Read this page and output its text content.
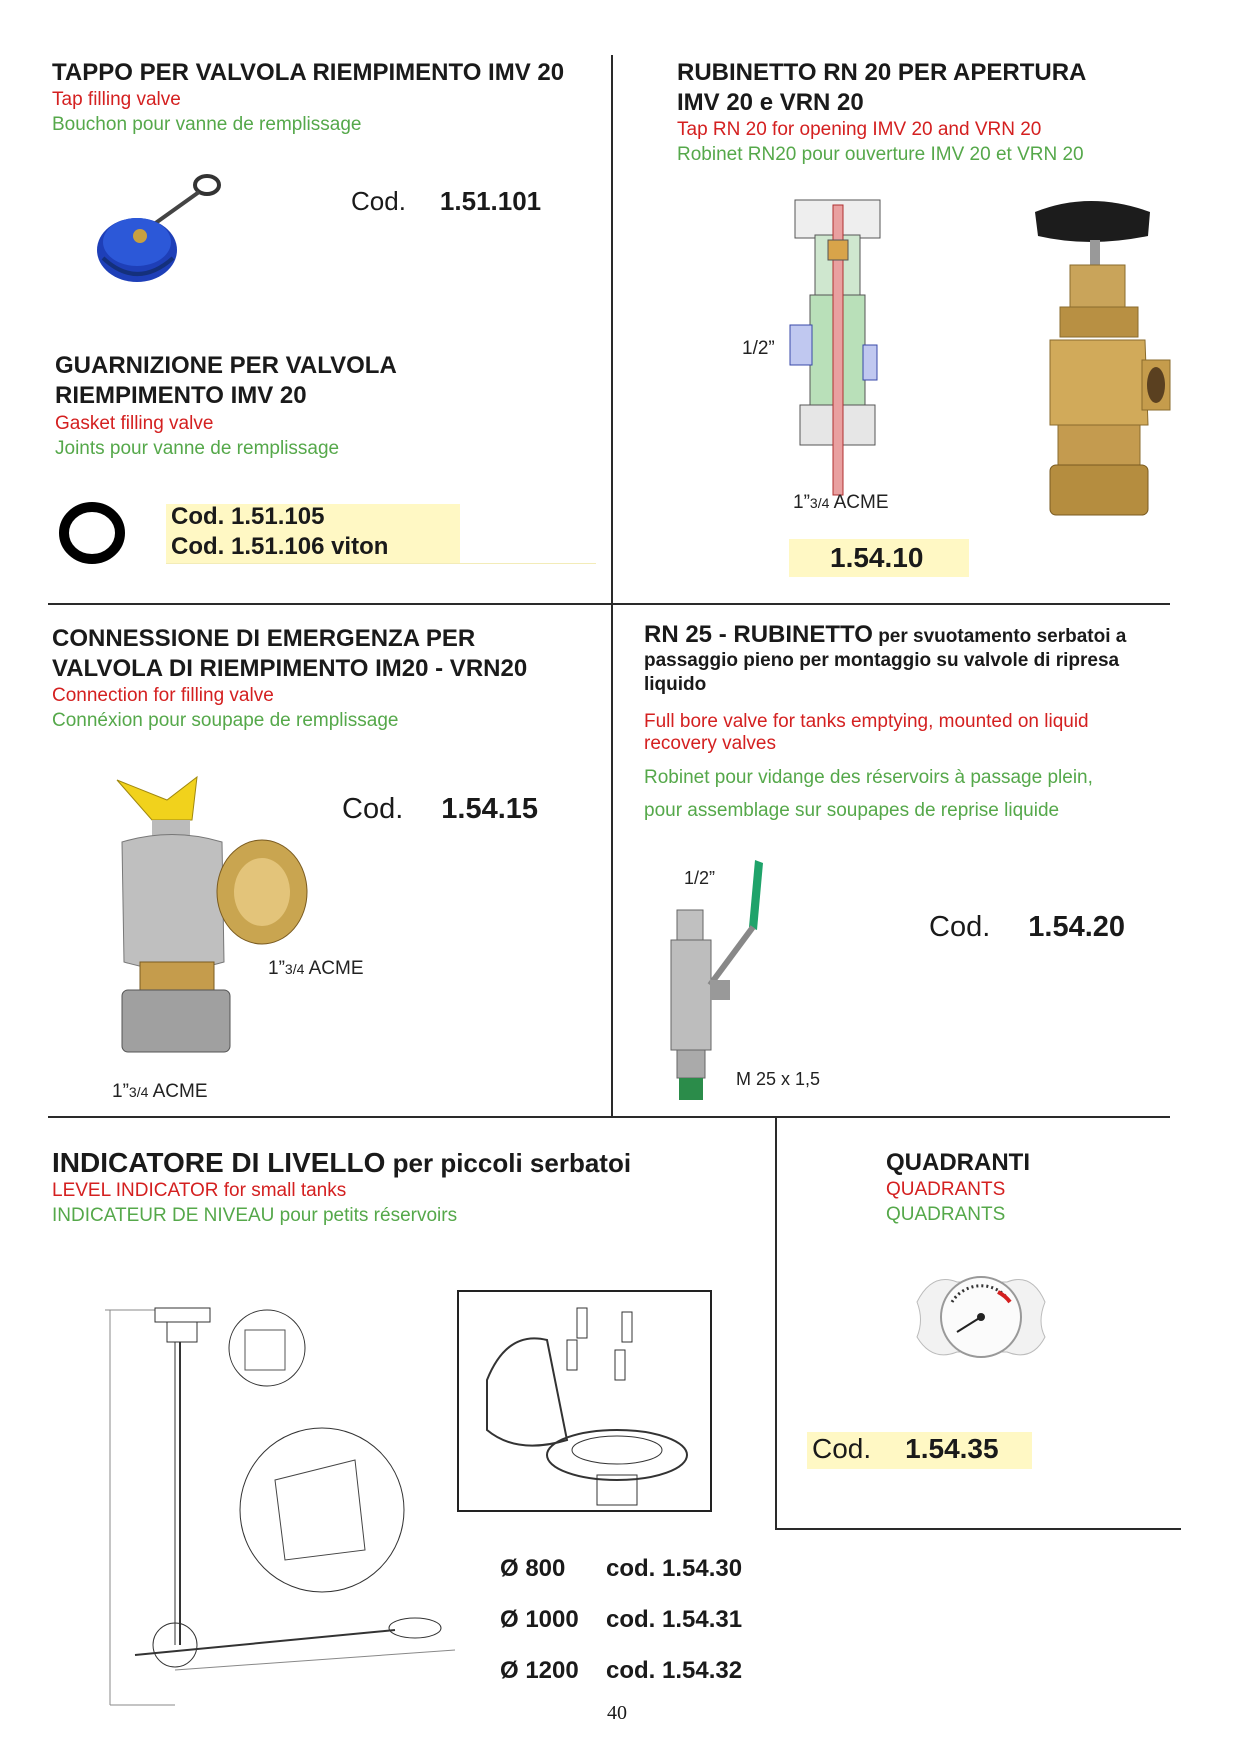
TAPPO PER VALVOLA RIEMPIMENTO IMV 20
Tap filling valve
Bouchon pour vanne de remplissage
Cod. 1.51.101
GUARNIZIONE PER VALVOLA
RIEMPIMENTO IMV 20
Gasket filling valve
Joints pour vanne de remplissage
Cod. 1.51.105
Cod. 1.51.106 viton
RUBINETTO RN 20 PER APERTURA
IMV 20 e VRN 20
Tap RN 20 for opening IMV 20 and VRN 20
Robinet RN20 pour ouverture IMV 20 et VRN 20
1/2”
1”3/4 ACME
1.54.10
CONNESSIONE DI EMERGENZA PER
VALVOLA DI RIEMPIMENTO IM20 - VRN20
Connection for filling valve
Connéxion pour soupape de remplissage
Cod. 1.54.15
1”3/4 ACME
1”3/4 ACME
RN 25 - RUBINETTO per svuotamento serbatoi a passaggio pieno per montaggio su valvole di ripresa liquido
Full bore valve for tanks emptying, mounted on liquid recovery valves
Robinet pour vidange des réservoirs à passage plein,
pour assemblage sur soupapes de reprise liquide
1/2”
M 25 x 1,5
Cod. 1.54.20
INDICATORE DI LIVELLO per piccoli serbatoi
LEVEL INDICATOR for small tanks
INDICATEUR DE NIVEAU pour petits réservoirs
Ø 800 cod. 1.54.30
Ø 1000 cod. 1.54.31
Ø 1200 cod. 1.54.32
QUADRANTI
QUADRANTS
QUADRANTS
Cod. 1.54.35
40
